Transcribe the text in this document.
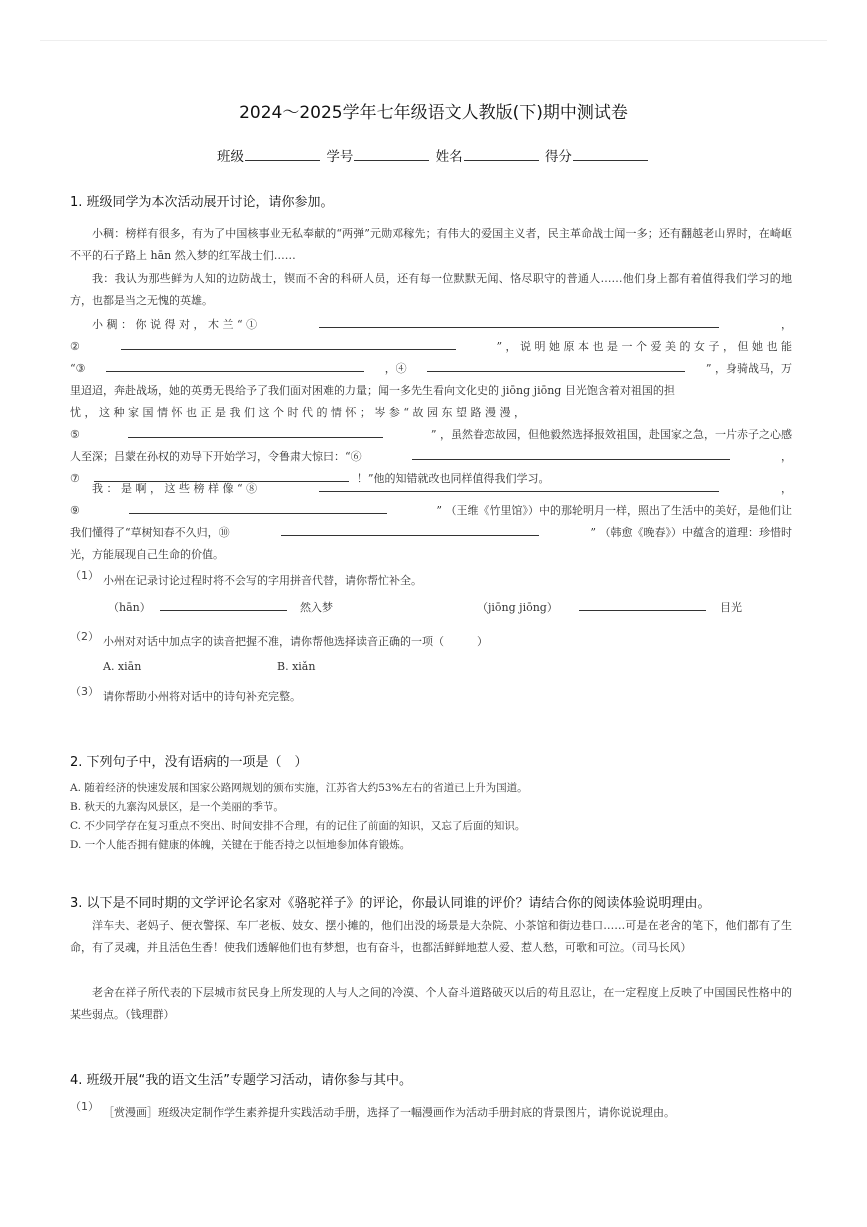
2024～2025学年七年级语文人教版(下)期中测试卷
班级	学号	姓名	得分
1. 班级同学为本次活动展开讨论，请你参加。
小稠：榜样有很多，有为了中国核事业无私奉献的“两弹”元勋邓稼先；有伟大的爱国主义者，民主革命战士闻一多；还有翻越老山界时，在崎岖不平的石子路上 hān 然入梦的红军战士们……
我：我认为那些鲜为人知的边防战士，锲而不舍的科研人员，还有每一位默默无闻、恪尽职守的普通人……他们身上都有着值得我们学习的地方，也都是当之无愧的英雄。
小 稠 ： 你 说 得 对 ， 木 兰 “ ①	，
②	” ， 说 明 她 原 本 也 是 一 个 爱 美 的 女 子 ， 但 她 也 能
“③	，④	” ，身骑战马，万
里迢迢，奔赴战场，她的英勇无畏给予了我们面对困难的力量；闻一多先生看向文化史的 jiōng jiōng 目光饱含着对祖国的担
忧 ， 这 种 家 国 情 怀 也 正 是 我 们 这 个 时 代 的 情 怀 ； 岑 参 “ 故 园 东 望 路 漫 漫 ，
⑤	” ，虽然眷恋故园，但他毅然选择报效祖国，赴国家之急，一片赤子之心感
人至深；吕蒙在孙权的劝导下开始学习，令鲁肃大惊曰：“⑥	，
⑦	！”他的知错就改也同样值得我们学习。
我 ： 是 啊 ， 这 些 榜 样 像 “ ⑧	，
⑨	” （王维《竹里馆》）中的那轮明月一样，照出了生活中的美好，是他们让
我们懂得了“草树知春不久归，⑩	” （韩愈《晚春》）中蕴含的道理：珍惜时
光，方能展现自己生命的价值。
（1） 小州在记录讨论过程时将不会写的字用拼音代替，请你帮忙补全。
（hān）	然入梦	（jiōng jiōng）	目光
（2） 小州对对话中加点字的读音把握不准，请你帮他选择读音正确的一项（　　　）
A. xiān	B. xiǎn
（3） 请你帮助小州将对话中的诗句补充完整。
2. 下列句子中，没有语病的一项是（　）
A. 随着经济的快速发展和国家公路网规划的颁布实施，江苏省大约53%左右的省道已上升为国道。
B. 秋天的九寨沟风景区，是一个美丽的季节。
C. 不少同学存在复习重点不突出、时间安排不合理，有的记住了前面的知识，又忘了后面的知识。
D. 一个人能否拥有健康的体魄，关键在于能否持之以恒地参加体育锻炼。
3. 以下是不同时期的文学评论名家对《骆驼祥子》的评论，你最认同谁的评价？请结合你的阅读体验说明理由。
洋车夫、老妈子、便衣警探、车厂老板、妓女、摆小摊的，他们出没的场景是大杂院、小茶馆和街边巷口……可是在老舍的笔下，他们都有了生命，有了灵魂，并且活色生香！使我们透解他们也有梦想，也有奋斗，也都活鲜鲜地惹人爱、惹人愁，可歌和可泣。（司马长风）
老舍在祥子所代表的下层城市贫民身上所发现的人与人之间的冷漠、个人奋斗道路破灭以后的苟且忍让，在一定程度上反映了中国国民性格中的某些弱点。（钱理群）
4. 班级开展“我的语文生活”专题学习活动，请你参与其中。
（1） ［赏漫画］班级决定制作学生素养提升实践活动手册，选择了一幅漫画作为活动手册封底的背景图片，请你说说理由。
